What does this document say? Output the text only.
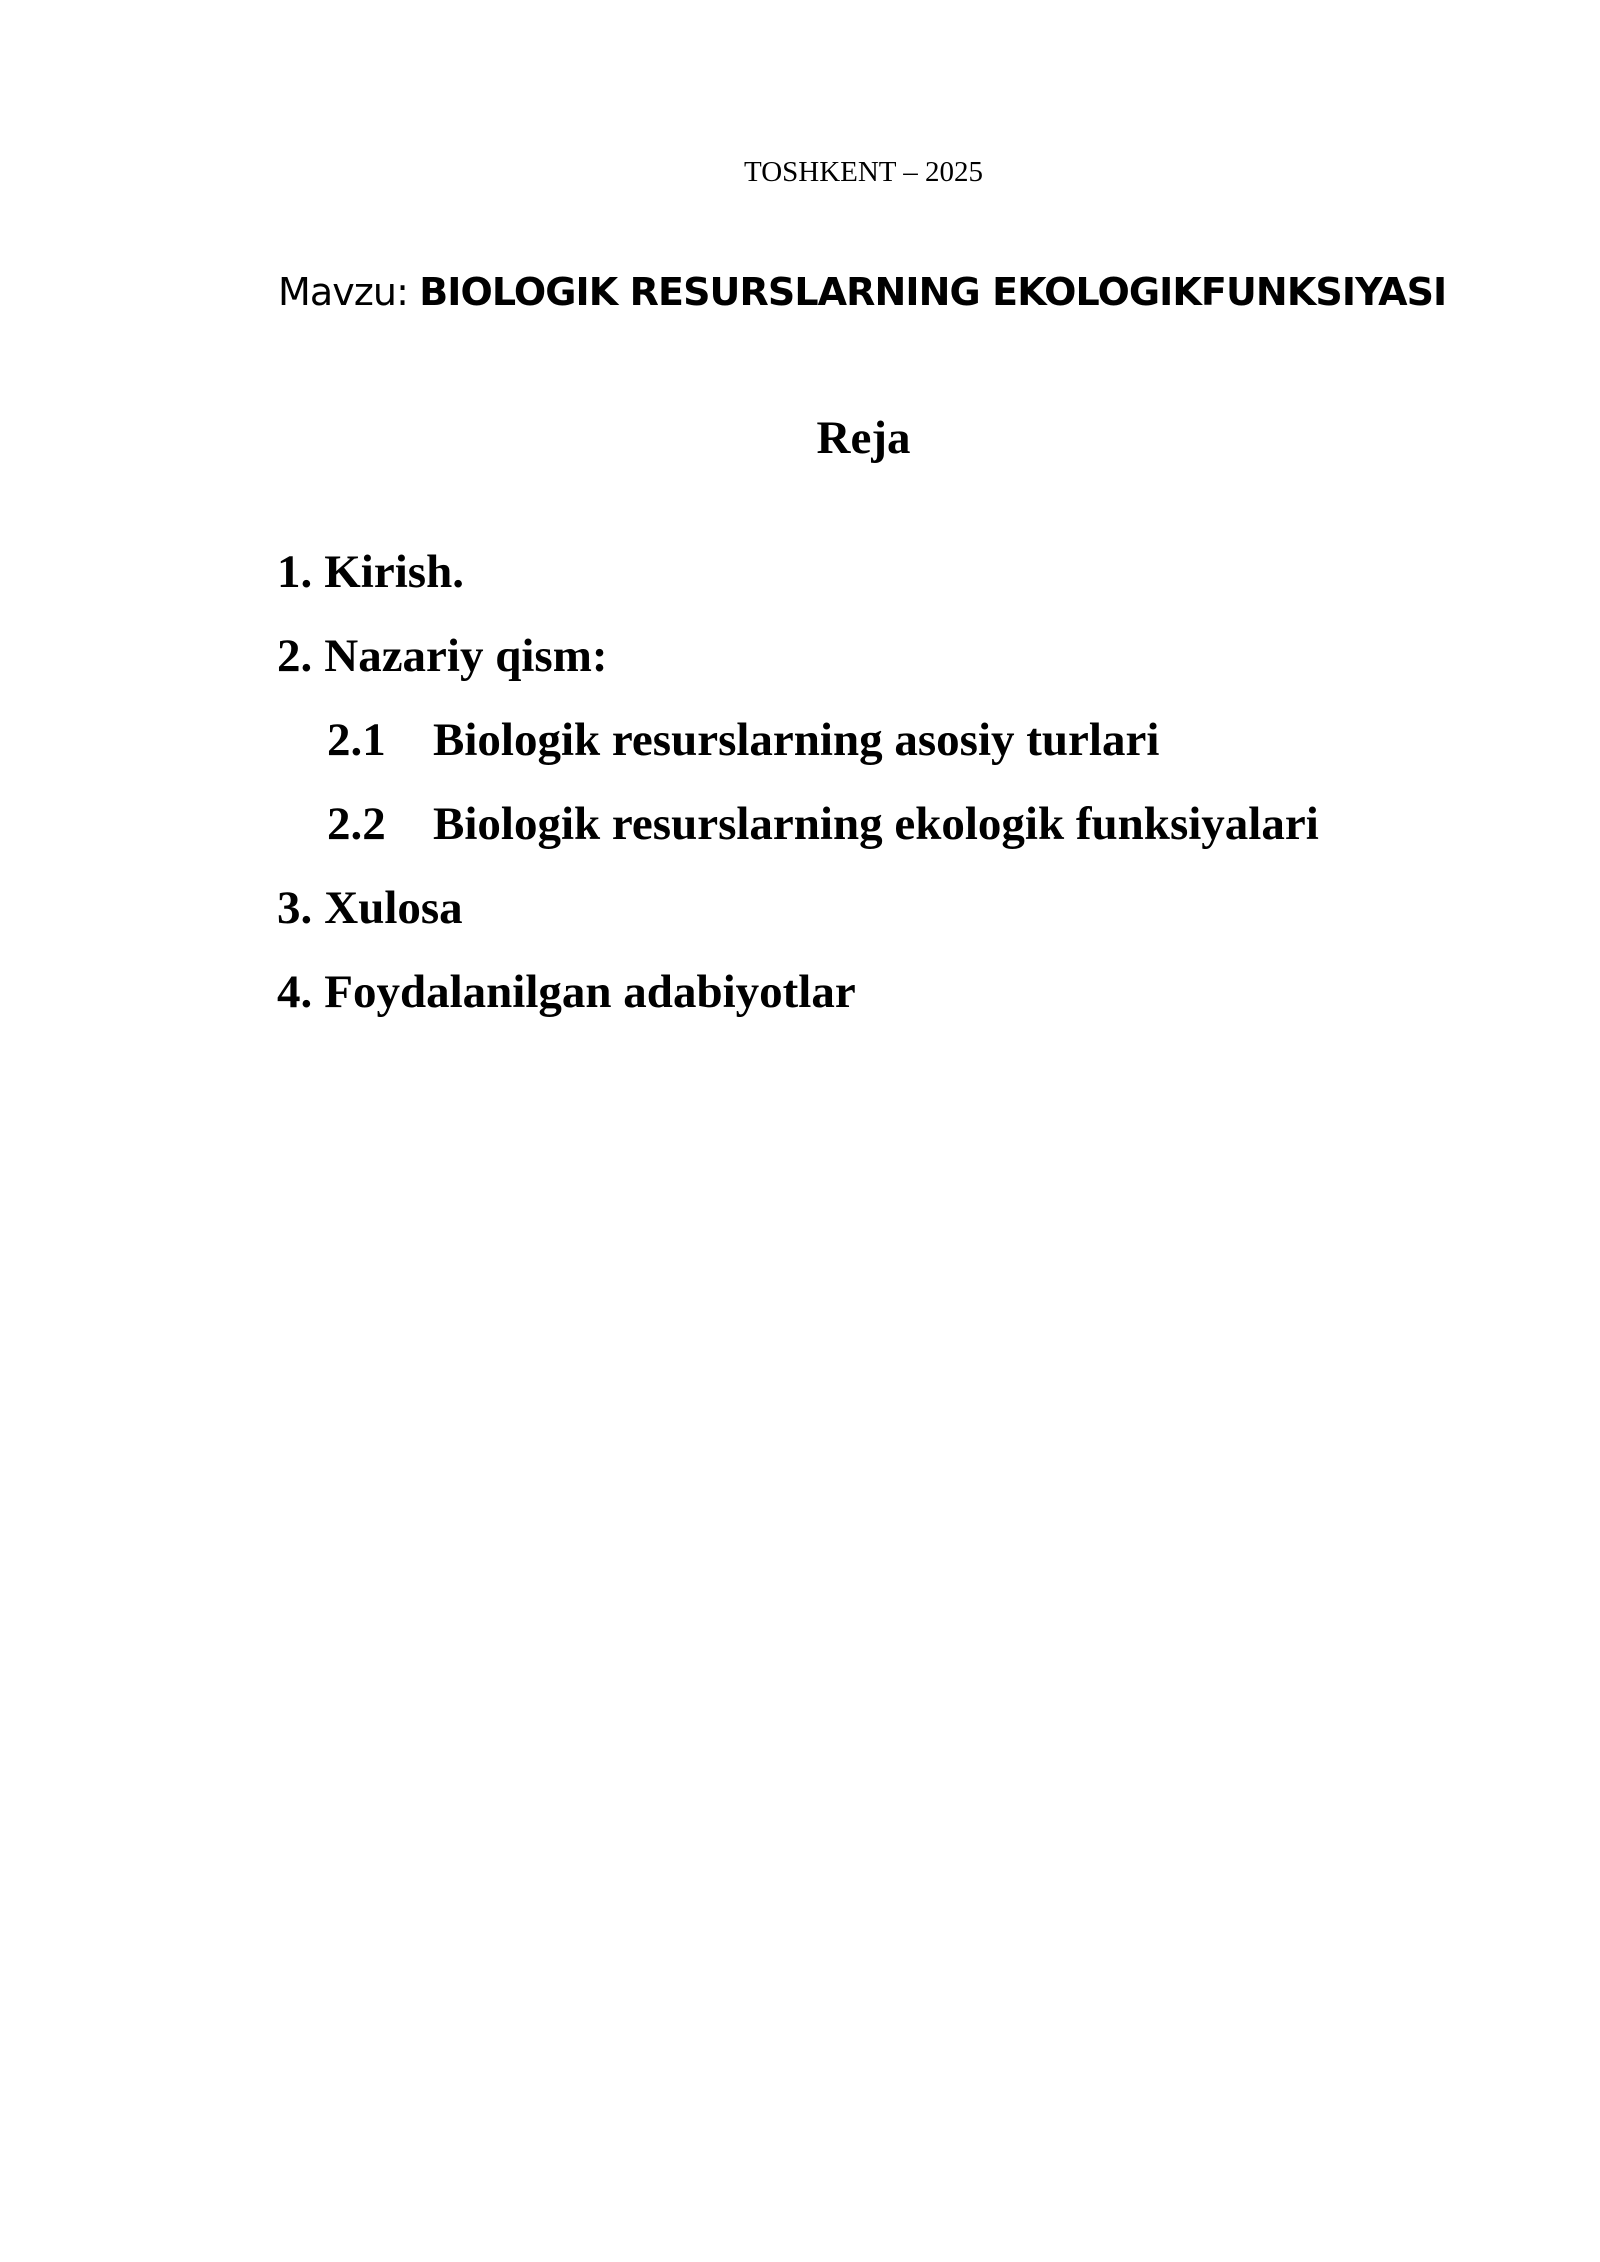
TOSHKENT – 2025
Mavzu: BIOLOGIK RESURSLARNING EKOLOGIKFUNKSIYASI
Reja
1. Kirish.
2. Nazariy qism:
2.1	Biologik resurslarning asosiy turlari
2.2	Biologik resurslarning ekologik funksiyalari
3. Xulosa
4. Foydalanilgan adabiyotlar
